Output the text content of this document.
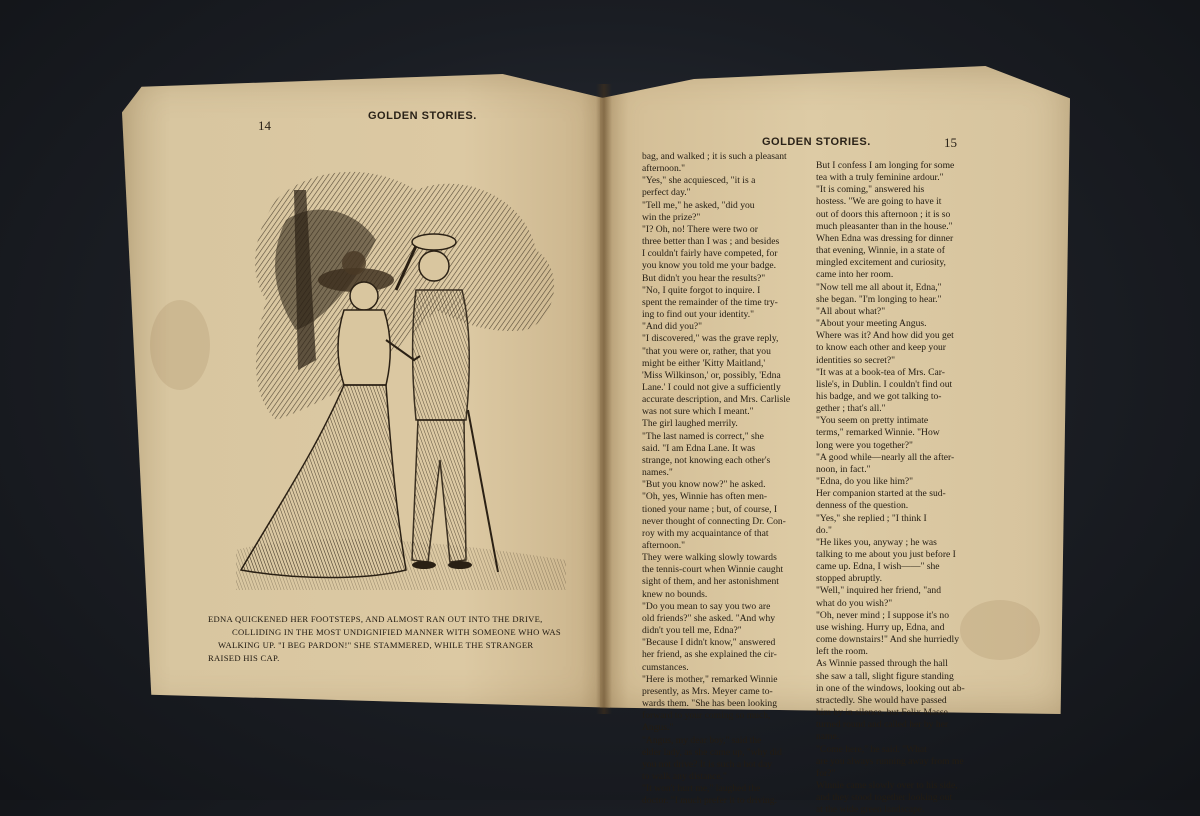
14
GOLDEN STORIES.
EDNA QUICKENED HER FOOTSTEPS, AND ALMOST RAN OUT INTO THE DRIVE,
COLLIDING IN THE MOST UNDIGNIFIED MANNER WITH SOMEONE WHO WAS
WALKING UP. "I BEG PARDON!" SHE STAMMERED, WHILE THE STRANGER
RAISED HIS CAP.
GOLDEN STORIES.	15
bag, and walked ; it is such a pleasant
afternoon."
"Yes," she acquiesced, "it is a
perfect day."
"Tell me," he asked, "did you
win the prize?"
"I? Oh, no! There were two or
three better than I was ; and besides
I couldn't fairly have competed, for
you know you told me your badge.
But didn't you hear the results?"
"No, I quite forgot to inquire. I
spent the remainder of the time try-
ing to find out your identity."
"And did you?"
"I discovered," was the grave reply,
"that you were or, rather, that you
might be either 'Kitty Maitland,'
'Miss Wilkinson,' or, possibly, 'Edna
Lane.' I could not give a sufficiently
accurate description, and Mrs. Carlisle
was not sure which I meant."
The girl laughed merrily.
"The last named is correct," she
said. "I am Edna Lane. It was
strange, not knowing each other's
names."
"But you know now?" he asked.
"Oh, yes, Winnie has often men-
tioned your name ; but, of course, I
never thought of connecting Dr. Con-
roy with my acquaintance of that
afternoon."
They were walking slowly towards
the tennis-court when Winnie caught
sight of them, and her astonishment
knew no bounds.
"Do you mean to say you two are
old friends?" she asked. "And why
didn't you tell me, Edna?"
"Because I didn't know," answered
her friend, as she explained the cir-
cumstances.
"Here is mother," remarked Winnie
presently, as Mrs. Meyer came to-
wards them. "She has been looking
forward to your coming so much,
Angus."
"Angus, my dear boy," said the
elder lady, as she came up, "why did
you not drive? It is such a hot day
to walk any distance."
"It won't hurt me," laughed the
doctor. "I much prefer it to driving.
But I confess I am longing for some
tea with a truly feminine ardour."
"It is coming," answered his
hostess. "We are going to have it
out of doors this afternoon ; it is so
much pleasanter than in the house."
When Edna was dressing for dinner
that evening, Winnie, in a state of
mingled excitement and curiosity,
came into her room.
"Now tell me all about it, Edna,"
she began. "I'm longing to hear."
"All about what?"
"About your meeting Angus.
Where was it? And how did you get
to know each other and keep your
identities so secret?"
"It was at a book-tea of Mrs. Car-
lisle's, in Dublin. I couldn't find out
his badge, and we got talking to-
gether ; that's all."
"You seem on pretty intimate
terms," remarked Winnie. "How
long were you together?"
"A good while—nearly all the after-
noon, in fact."
"Edna, do you like him?"
Her companion started at the sud-
denness of the question.
"Yes," she replied ; "I think I
do."
"He likes you, anyway ; he was
talking to me about you just before I
came up. Edna, I wish——" she
stopped abruptly.
"Well," inquired her friend, "and
what do you wish?"
"Oh, never mind ; I suppose it's no
use wishing. Hurry up, Edna, and
come downstairs!" And she hurriedly
left the room.
As Winnie passed through the hall
she saw a tall, slight figure standing
in one of the windows, looking out ab-
stractedly. She would have passed
him by in silence, but Felix Masse
turned round and called her by her
name.
"Come here," he said. "What
are you always running away from me
for?"
Winnie came slowly over to his side,
and they stood together looking out
at the wide green landscape.
